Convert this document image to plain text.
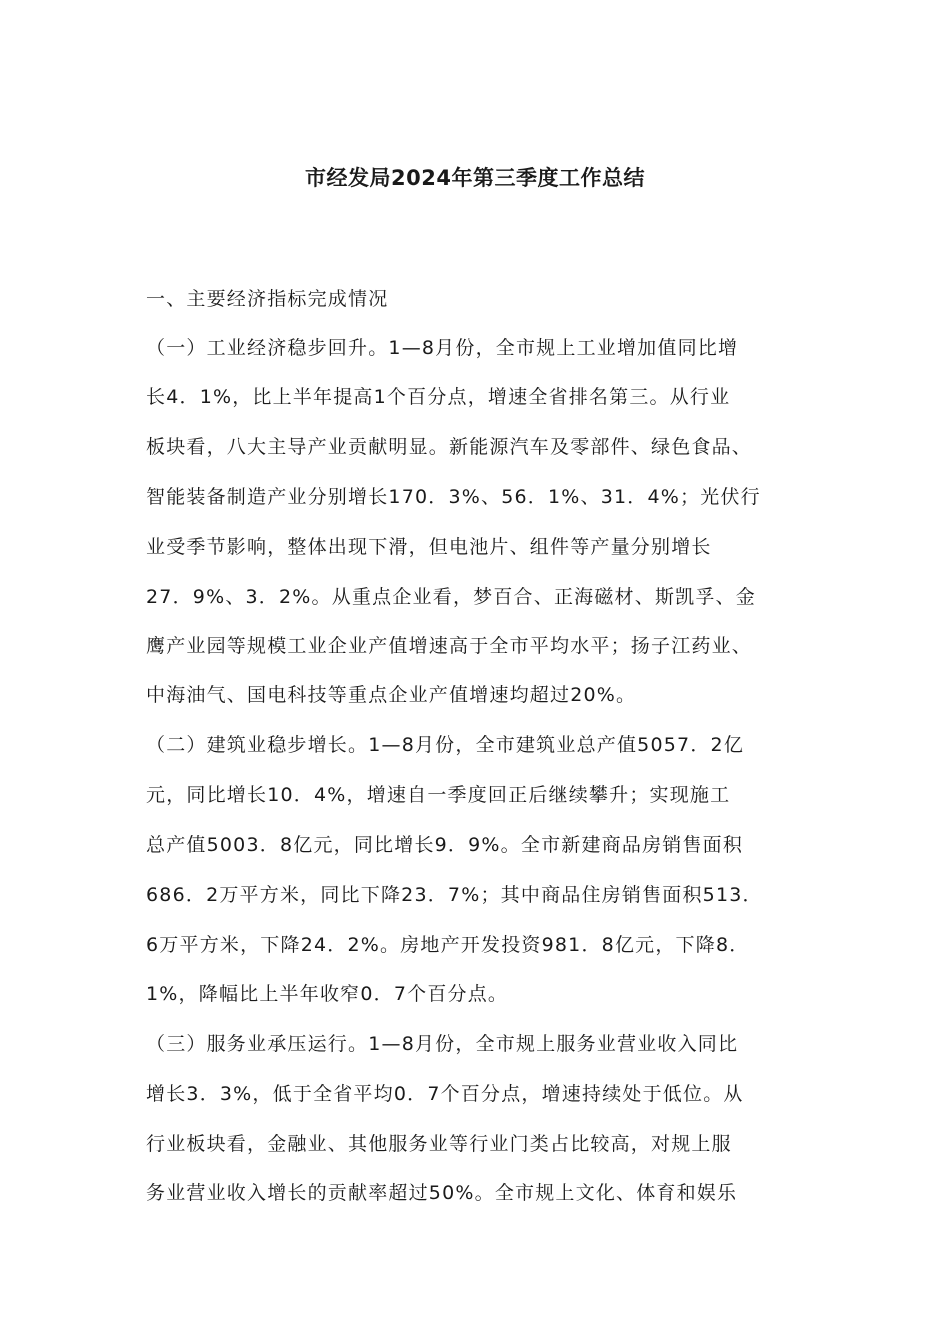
市经发局2024年第三季度工作总结
一、主要经济指标完成情况
（一）工业经济稳步回升。1—8月份，全市规上工业增加值同比增
长4．1%，比上半年提高1个百分点，增速全省排名第三。从行业
板块看，八大主导产业贡献明显。新能源汽车及零部件、绿色食品、
智能装备制造产业分别增长170．3%、56．1%、31．4%；光伏行
业受季节影响，整体出现下滑，但电池片、组件等产量分别增长
27．9%、3．2%。从重点企业看，梦百合、正海磁材、斯凯孚、金
鹰产业园等规模工业企业产值增速高于全市平均水平；扬子江药业、
中海油气、国电科技等重点企业产值增速均超过20%。
（二）建筑业稳步增长。1—8月份，全市建筑业总产值5057．2亿
元，同比增长10．4%，增速自一季度回正后继续攀升；实现施工
总产值5003．8亿元，同比增长9．9%。全市新建商品房销售面积
686．2万平方米，同比下降23．7%；其中商品住房销售面积513．
6万平方米，下降24．2%。房地产开发投资981．8亿元，下降8．
1%，降幅比上半年收窄0．7个百分点。
（三）服务业承压运行。1—8月份，全市规上服务业营业收入同比
增长3．3%，低于全省平均0．7个百分点，增速持续处于低位。从
行业板块看，金融业、其他服务业等行业门类占比较高，对规上服
务业营业收入增长的贡献率超过50%。全市规上文化、体育和娱乐
